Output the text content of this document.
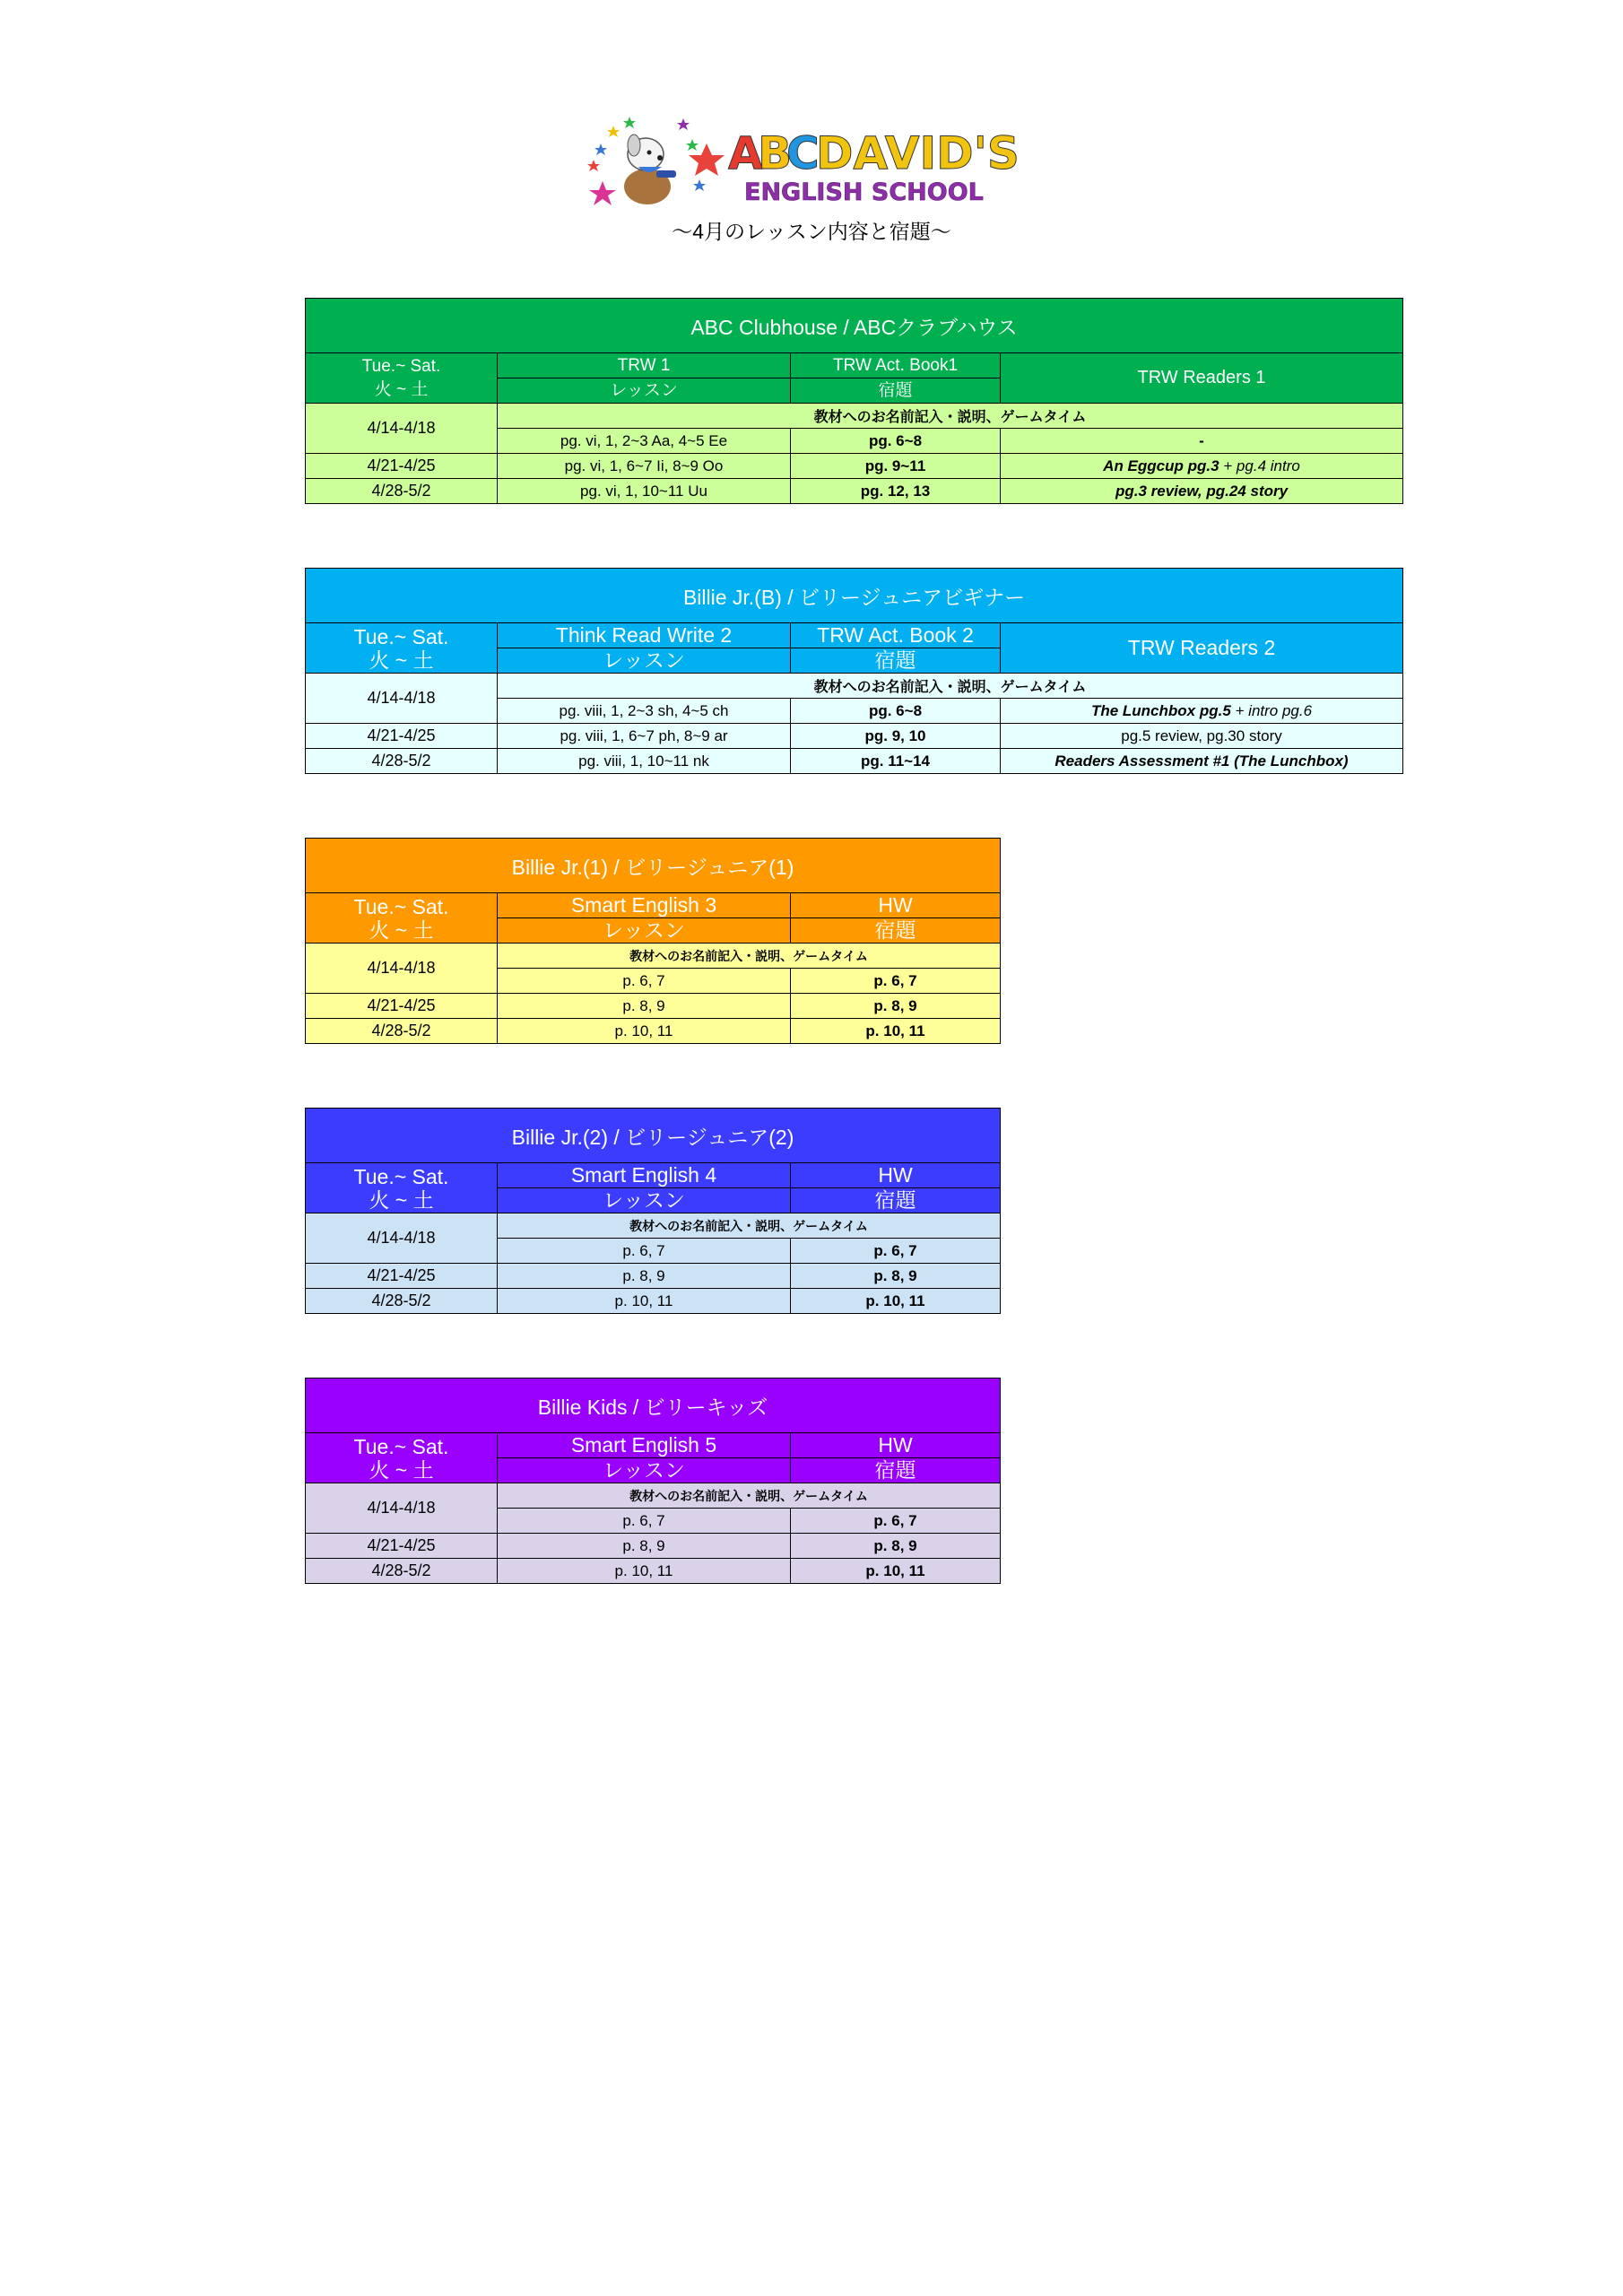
A
B
C
DAVID'S
ENGLISH SCHOOL
〜4月のレッスン内容と宿題〜
ABC Clubhouse / ABCクラブハウス			
Tue.~ Sat.
火 ~ 土	TRW 1	TRW Act. Book1	TRW Readers 1
	レッスン	宿題	
4/14-4/18	教材へのお名前記入・説明、ゲームタイム		
	pg. vi, 1, 2~3 Aa, 4~5 Ee	pg. 6~8	-
4/21-4/25	pg. vi, 1, 6~7 Ii, 8~9 Oo	pg. 9~11	An Eggcup pg.3 + pg.4 intro
4/28-5/2	pg. vi, 1, 10~11 Uu	pg. 12, 13	pg.3 review, pg.24 story
Billie Jr.(B) / ビリージュニアビギナー			
Tue.~ Sat.
火 ~ 土	Think Read Write 2	TRW Act. Book 2	TRW Readers 2
	レッスン	宿題	
4/14-4/18	教材へのお名前記入・説明、ゲームタイム		
	pg. viii, 1, 2~3 sh, 4~5 ch	pg. 6~8	The Lunchbox pg.5 + intro pg.6
4/21-4/25	pg. viii, 1, 6~7 ph, 8~9 ar	pg. 9, 10	pg.5 review, pg.30 story
4/28-5/2	pg. viii, 1, 10~11 nk	pg. 11~14	Readers Assessment #1 (The Lunchbox)
Billie Jr.(1) / ビリージュニア(1)		
Tue.~ Sat.
火 ~ 土	Smart English 3	HW
	レッスン	宿題
4/14-4/18	教材へのお名前記入・説明、ゲームタイム	
	p. 6, 7	p. 6, 7
4/21-4/25	p. 8, 9	p. 8, 9
4/28-5/2	p. 10, 11	p. 10, 11
Billie Jr.(2) / ビリージュニア(2)		
Tue.~ Sat.
火 ~ 土	Smart English 4	HW
	レッスン	宿題
4/14-4/18	教材へのお名前記入・説明、ゲームタイム	
	p. 6, 7	p. 6, 7
4/21-4/25	p. 8, 9	p. 8, 9
4/28-5/2	p. 10, 11	p. 10, 11
Billie Kids / ビリーキッズ		
Tue.~ Sat.
火 ~ 土	Smart English 5	HW
	レッスン	宿題
4/14-4/18	教材へのお名前記入・説明、ゲームタイム	
	p. 6, 7	p. 6, 7
4/21-4/25	p. 8, 9	p. 8, 9
4/28-5/2	p. 10, 11	p. 10, 11
